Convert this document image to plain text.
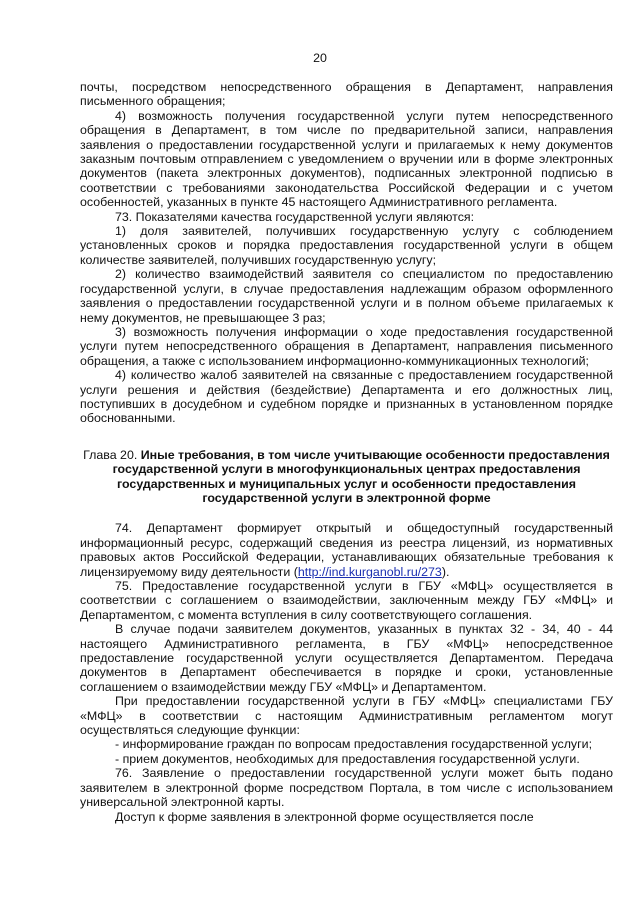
20

почты, посредством непосредственного обращения в Департамент, направления письменного обращения;

4) возможность получения государственной услуги путем непосредственного обращения в Департамент, в том числе по предварительной записи, направления заявления о предоставлении государственной услуги и прилагаемых к нему документов заказным почтовым отправлением с уведомлением о вручении или в форме электронных документов (пакета электронных документов), подписанных электронной подписью в соответствии с требованиями законодательства Российской Федерации и с учетом особенностей, указанных в пункте 45 настоящего Административного регламента.

73. Показателями качества государственной услуги являются:

1) доля заявителей, получивших государственную услугу с соблюдением установленных сроков и порядка предоставления государственной услуги в общем количестве заявителей, получивших государственную услугу;

2) количество взаимодействий заявителя со специалистом по предоставлению государственной услуги, в случае предоставления надлежащим образом оформленного заявления о предоставлении государственной услуги и в полном объеме прилагаемых к нему документов, не превышающее 3 раз;

3) возможность получения информации о ходе предоставления государственной услуги путем непосредственного обращения в Департамент, направления письменного обращения, а также с использованием информационно-коммуникационных технологий;

4) количество жалоб заявителей на связанные с предоставлением государственной услуги решения и действия (бездействие) Департамента и его должностных лиц, поступивших в досудебном и судебном порядке и признанных в установленном порядке обоснованными.

Глава 20. Иные требования, в том числе учитывающие особенности предоставления государственной услуги в многофункциональных центрах предоставления государственных и муниципальных услуг и особенности предоставления государственной услуги в электронной форме

74. Департамент формирует открытый и общедоступный государственный информационный ресурс, содержащий сведения из реестра лицензий, из нормативных правовых актов Российской Федерации, устанавливающих обязательные требования к лицензируемому виду деятельности (http://ind.kurganobl.ru/273).

75. Предоставление государственной услуги в ГБУ «МФЦ» осуществляется в соответствии с соглашением о взаимодействии, заключенным между ГБУ «МФЦ» и Департаментом, с момента вступления в силу соответствующего соглашения.

В случае подачи заявителем документов, указанных в пунктах 32 - 34, 40 - 44 настоящего Административного регламента, в ГБУ «МФЦ» непосредственное предоставление государственной услуги осуществляется Департаментом. Передача документов в Департамент обеспечивается в порядке и сроки, установленные соглашением о взаимодействии между ГБУ «МФЦ» и Департаментом.

При предоставлении государственной услуги в ГБУ «МФЦ» специалистами ГБУ «МФЦ» в соответствии с настоящим Административным регламентом могут осуществляться следующие функции:

- информирование граждан по вопросам предоставления государственной услуги;

- прием документов, необходимых для предоставления государственной услуги.

76. Заявление о предоставлении государственной услуги может быть подано заявителем в электронной форме посредством Портала, в том числе с использованием универсальной электронной карты.

Доступ к форме заявления в электронной форме осуществляется после
